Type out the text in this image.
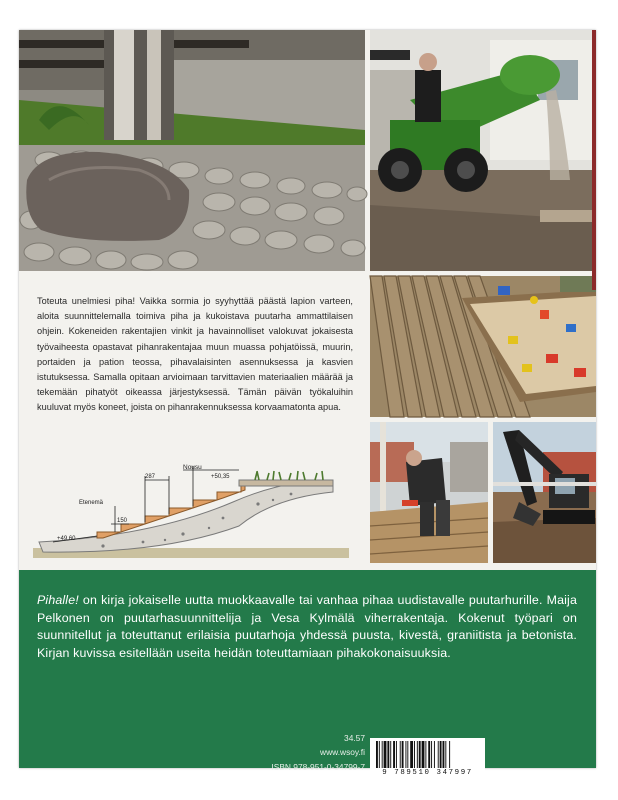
Toteuta unelmiesi piha! Vaikka sormia jo syyhyttää päästä lapion varteen, aloita suunnittelemalla toimiva piha ja kukoistava puutarha ammattilaisen ohjein. Kokeneiden rakentajien vinkit ja havainnolliset valokuvat jokaisesta työvaiheesta opastavat pihanrakentajaa muun muassa pohjatöissä, muurin, portaiden ja pation teossa, pihavalaisinten asennuksessa ja kasvien istutuksessa. Samalla opitaan arvioimaan tarvittavien materiaalien määrää ja tekemään pihatyöt oikeassa järjestyksessä. Tämän päivän työkaluihin kuuluvat myös koneet, joista on pihanrakennuksessa korvaamatonta apua.

Nousu
287	+50,35
Etenemä
150
+49,60

Pihalle! on kirja jokaiselle uutta muokkaavalle tai vanhaa pihaa uudistavalle puutarhurille. Maija Pelkonen on puutarhasuunnittelija ja Vesa Kylmälä viherrakentaja. Kokenut työpari on suunnitellut ja toteuttanut erilaisia puutarhoja yhdessä puusta, kivestä, graniitista ja betonista. Kirjan kuvissa esitellään useita heidän toteuttamiaan pihakokonaisuuksia.

34.57
www.wsoy.fi
ISBN 978-951-0-34799-7
9 789510 347997
